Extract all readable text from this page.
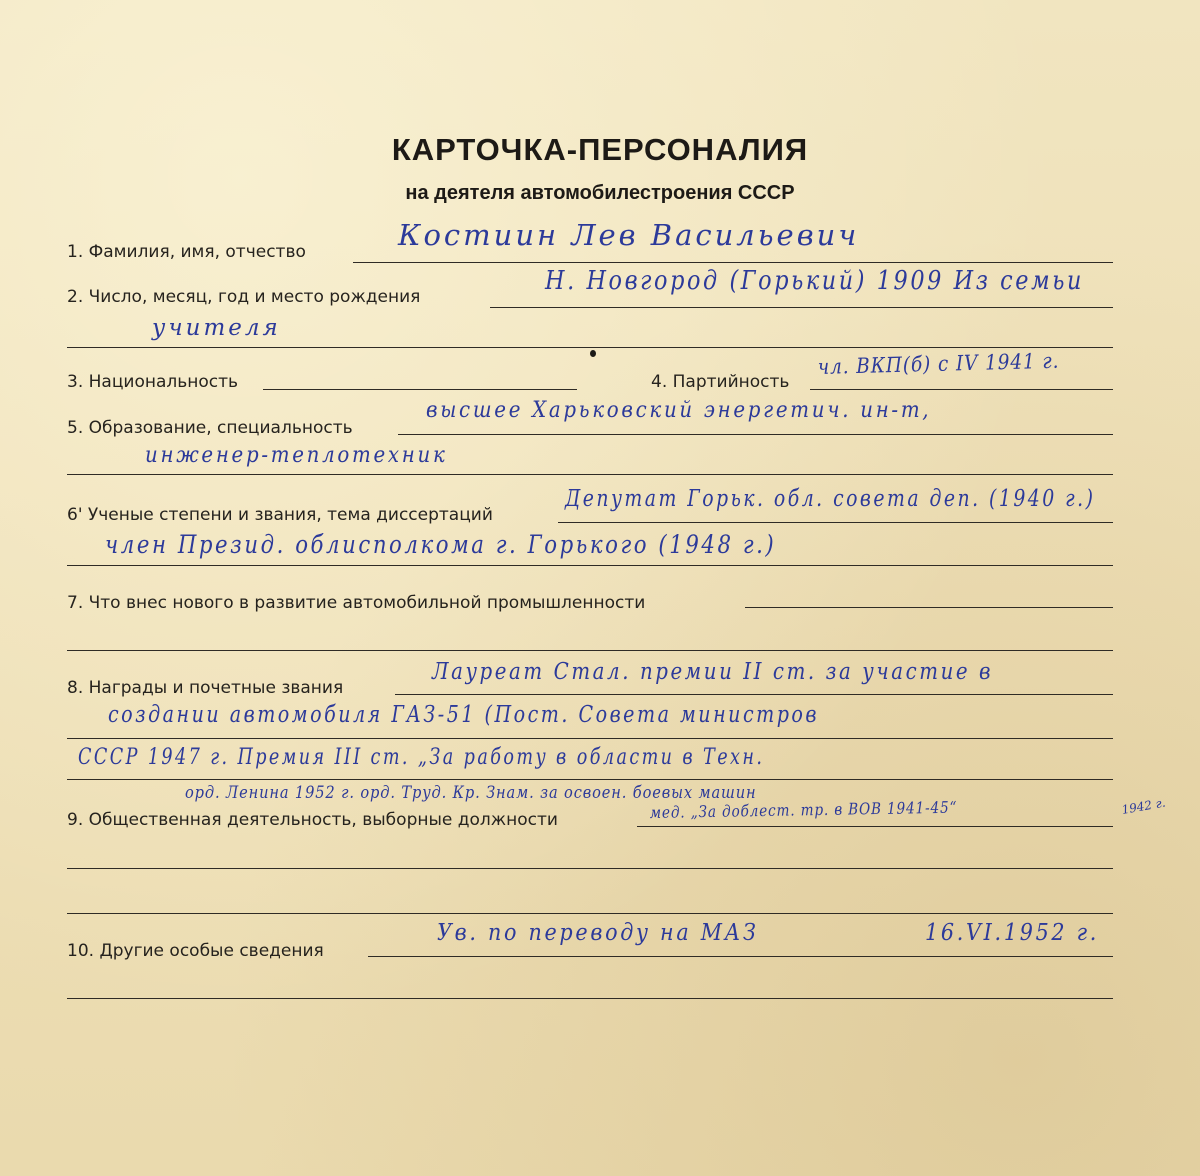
КАРТОЧКА-ПЕРСОНАЛИЯ
на деятеля автомобилестроения СССР
1. Фамилия, имя, отчество	Костиин Лев Васильевич
2. Число, месяц, год и место рождения
Н. Новгород (Горький) 1909 Из семьи
учителя
3. Национальность	4. Партийность
чл. ВКП(б) с IV 1941 г.
5. Образование, специальность
высшее Харьковский энергетич. ин-т,
инженер-теплотехник
6' Ученые степени и звания, тема диссертаций
Депутат Горьк. обл. совета деп. (1940 г.)
член Презид. облисполкома г. Горького (1948 г.)
7. Что внес нового в развитие автомобильной промышленности
8. Награды и почетные звания
Лауреат Стал. премии II ст. за участие в
создании автомобиля ГАЗ-51 (Пост. Совета министров
СССР 1947 г. Премия III ст. „За работу в области в Техн.
орд. Ленина 1952 г. орд. Труд. Кр. Знам. за освоен. боевых машин
9. Общественная деятельность, выборные должности	мед. „За доблест. тр. в ВОВ 1941-45“	1942 г.
10. Другие особые сведения
Ув. по переводу на МАЗ	16.VI.1952 г.
